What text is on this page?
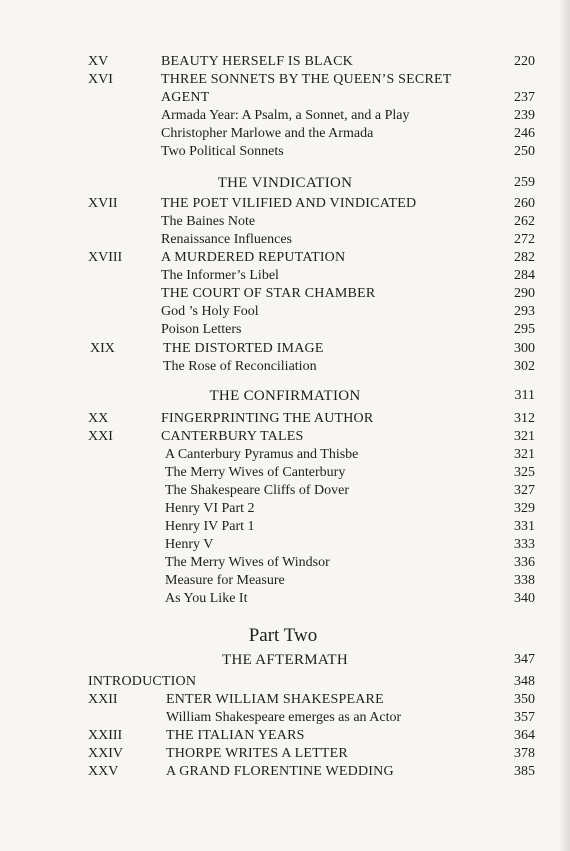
XV	BEAUTY HERSELF IS BLACK	220
XVI	THREE SONNETS BY THE QUEEN’S SECRET
AGENT	237
Armada Year: A Psalm, a Sonnet, and a Play	239
Christopher Marlowe and the Armada	246
Two Political Sonnets	250
THE VINDICATION	259
XVII	THE POET VILIFIED AND VINDICATED	260
The Baines Note	262
Renaissance Influences	272
XVIII	A MURDERED REPUTATION	282
The Informer’s Libel	284
THE COURT OF STAR CHAMBER	290
God ’s Holy Fool	293
Poison Letters	295
XIX	THE DISTORTED IMAGE	300
The Rose of Reconciliation	302
THE CONFIRMATION	311
XX	FINGERPRINTING THE AUTHOR	312
XXI	CANTERBURY TALES	321
A Canterbury Pyramus and Thisbe	321
The Merry Wives of Canterbury	325
The Shakespeare Cliffs of Dover	327
Henry VI Part 2	329
Henry IV Part 1	331
Henry V	333
The Merry Wives of Windsor	336
Measure for Measure	338
As You Like It	340
Part Two
THE AFTERMATH	347
INTRODUCTION	348
XXII	ENTER WILLIAM SHAKESPEARE	350
William Shakespeare emerges as an Actor	357
XXIII	THE ITALIAN YEARS	364
XXIV	THORPE WRITES A LETTER	378
XXV	A GRAND FLORENTINE WEDDING	385
